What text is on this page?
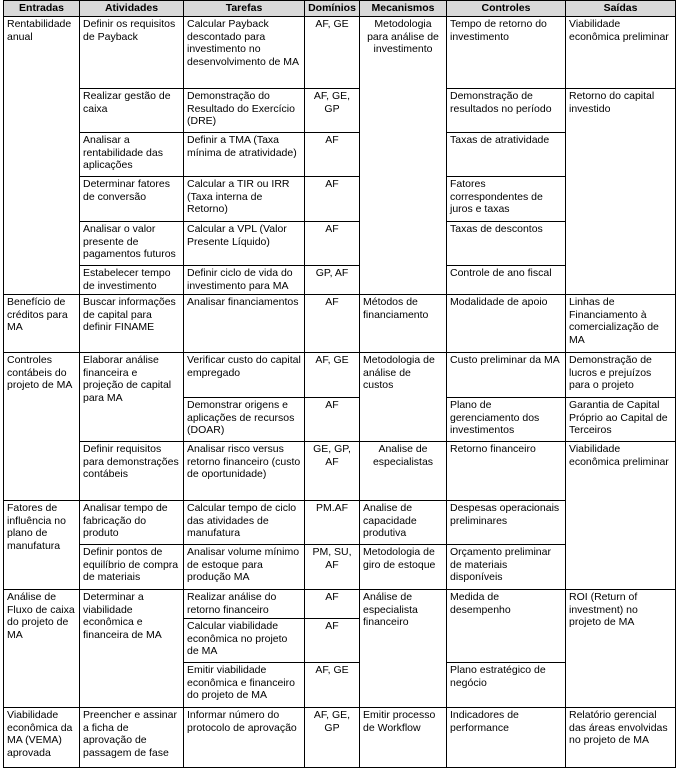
Entradas	Atividades	Tarefas	Domínios	Mecanismos	Controles	Saídas
Rentabilidade anual	Definir os requisitos de Payback	Calcular Payback descontado para investimento no desenvolvimento de MA	AF, GE	Metodologia para análise de investimento	Tempo de retorno do investimento	Viabilidade econômica preliminar
	Realizar gestão de caixa	Demonstração do Resultado do Exercício (DRE)	AF, GE, GP		Demonstração de resultados no período	Retorno do capital investido
	Analisar a rentabilidade das aplicações	Definir a TMA (Taxa mínima de atratividade)	AF		Taxas de atratividade	
	Determinar fatores de conversão	Calcular a TIR ou IRR (Taxa interna de Retorno)	AF		Fatores correspondentes de juros e taxas	
	Analisar o valor presente de pagamentos futuros	Calcular a VPL (Valor Presente Líquido)	AF		Taxas de descontos	
	Estabelecer tempo de investimento	Definir ciclo de vida do investimento para MA	GP, AF		Controle de ano fiscal	
Benefício de créditos para MA	Buscar informações de capital para definir FINAME	Analisar financiamentos	AF	Métodos de financiamento	Modalidade de apoio	Linhas de Financiamento à comercialização de MA
Controles contábeis do projeto de MA	Elaborar análise financeira e projeção de capital para MA	Verificar custo do capital empregado	AF, GE	Metodologia de análise de custos	Custo preliminar da MA	Demonstração de lucros e prejuízos para o projeto
		Demonstrar origens e aplicações de recursos (DOAR)	AF		Plano de gerenciamento dos investimentos	Garantia de Capital Próprio ao Capital de Terceiros
	Definir requisitos para demonstrações contábeis	Analisar risco versus retorno financeiro (custo de oportunidade)	GE, GP, AF	Analise de especialistas	Retorno financeiro	Viabilidade econômica preliminar
Fatores de influência no plano de manufatura	Analisar tempo de fabricação do produto	Calcular tempo de ciclo das atividades de manufatura	PM.AF	Analise de capacidade produtiva	Despesas operacionais preliminares	
	Definir pontos de equilíbrio de compra de materiais	Analisar volume mínimo de estoque para produção MA	PM, SU, AF	Metodologia de giro de estoque	Orçamento preliminar de materiais disponíveis	
Análise de Fluxo de caixa do projeto de MA	Determinar a viabilidade econômica e financeira de MA	Realizar análise do retorno financeiro	AF	Análise de especialista financeiro	Medida de desempenho	ROI (Return of investment) no projeto de MA
		Calcular viabilidade econômica no projeto de MA	AF			
		Emitir viabilidade econômica e financeiro do projeto de MA	AF, GE		Plano estratégico de negócio	
Viabilidade econômica da MA (VEMA) aprovada	Preencher e assinar a ficha de aprovação de passagem de fase	Informar número do protocolo de aprovação	AF, GE, GP	Emitir processo de Workflow	Indicadores de performance	Relatório gerencial das áreas envolvidas no projeto de MA
